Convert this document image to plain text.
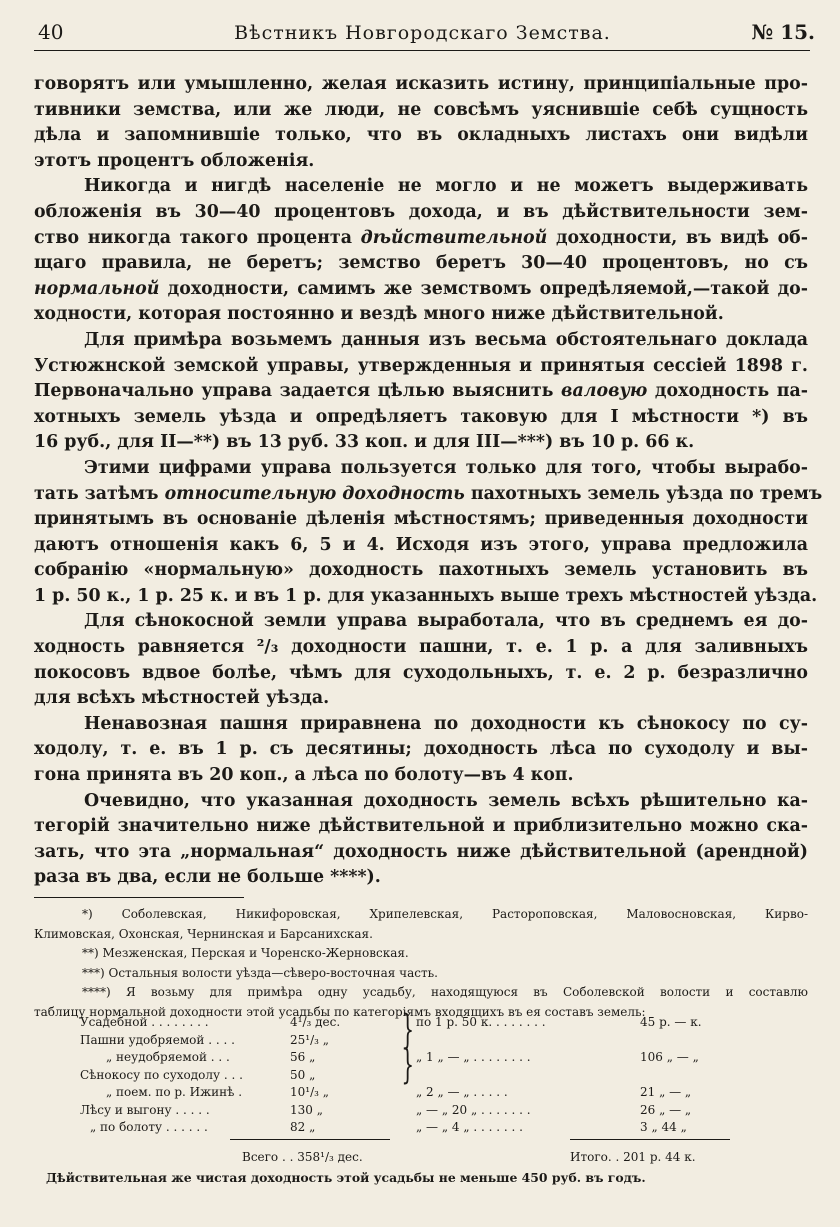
40	Вѣстникъ Новгородскаго Земства.	№ 15.
говорятъ или умышленно, желая исказить истину, принципіальные про-
тивники земства, или же люди, не совсѣмъ уяснившіе себѣ сущность
дѣла и запомнившіе только, что въ окладныхъ листахъ они видѣли
этотъ процентъ обложенія.
Никогда и нигдѣ населеніе не могло и не можетъ выдерживать
обложенія въ 30—40 процентовъ дохода, и въ дѣйствительности зем-
ство никогда такого процента дѣйствительной доходности, въ видѣ об-
щаго правила, не беретъ; земство беретъ 30—40 процентовъ, но съ
нормальной доходности, самимъ же земствомъ опредѣляемой,—такой до-
ходности, которая постоянно и вездѣ много ниже дѣйствительной.
Для примѣра возьмемъ данныя изъ весьма обстоятельнаго доклада
Устюжнской земской управы, утвержденныя и принятыя сессіей 1898 г.
Первоначально управа задается цѣлью выяснить валовую доходность па-
хотныхъ земель уѣзда и опредѣляетъ таковую для I мѣстности *) въ
16 руб., для II—**) въ 13 руб. 33 коп. и для III—***) въ 10 р. 66 к.
Этими цифрами управа пользуется только для того, чтобы вырабо-
тать затѣмъ относительную доходность пахотныхъ земель уѣзда по тремъ
принятымъ въ основаніе дѣленія мѣстностямъ; приведенныя доходности
даютъ отношенія какъ 6, 5 и 4. Исходя изъ этого, управа предложила
собранію «нормальную» доходность пахотныхъ земель установить въ
1 р. 50 к., 1 р. 25 к. и въ 1 р. для указанныхъ выше трехъ мѣстностей уѣзда.
Для сѣнокосной земли управа выработала, что въ среднемъ ея до-
ходность равняется ²/₃ доходности пашни, т. е. 1 р. а для заливныхъ
покосовъ вдвое болѣе, чѣмъ для суходольныхъ, т. е. 2 р. безразлично
для всѣхъ мѣстностей уѣзда.
Ненавозная пашня приравнена по доходности къ сѣнокосу по су-
ходолу, т. е. въ 1 р. съ десятины; доходность лѣса по суходолу и вы-
гона принята въ 20 коп., а лѣса по болоту—въ 4 коп.
Очевидно, что указанная доходность земель всѣхъ рѣшительно ка-
тегорій значительно ниже дѣйствительной и приблизительно можно ска-
зать, что эта „нормальная“ доходность ниже дѣйствительной (арендной)
раза въ два, если не больше ****).
*) Соболевская, Никифоровская, Хрипелевская, Растороповская, Маловосновская, Кирво-
Климовская, Охонская, Чернинская и Барсанихская.
**) Мезженская, Перская и Чоренско-Жерновская.
***) Остальныя волости уѣзда—сѣверо-восточная часть.
****) Я возьму для примѣра одну усадьбу, находящуюся въ Соболевской волости и составлю
таблицу нормальной доходности этой усадьбы по категоріямъ входящихъ въ ея составъ земель:
Усадебной . . . . . . . .	4¹/₃ дес.	по 1 р. 50 к. . . . . . . .	45 р. — к.
Пашни удобряемой . . . .	25¹/₃ „
„ неудобряемой . . .	56 „	„ 1 „ — „ . . . . . . . .	106 „ — „
Сѣнокосу по суходолу . . .	50 „
„ поем. по р. Ижинѣ .	10¹/₃ „	„ 2 „ — „ . . . . .	21 „ — „
Лѣсу и выгону . . . . .	130 „	„ — „ 20 „ . . . . . . .	26 „ — „
„ по болоту . . . . . .	82 „	„ — „ 4 „ . . . . . . .	3 „ 44 „
}
}
Всего . . 358¹/₃ дес.	Итого. . 201 р. 44 к.
Дѣйствительная же чистая доходность этой усадьбы не меньше 450 руб. въ годъ.
